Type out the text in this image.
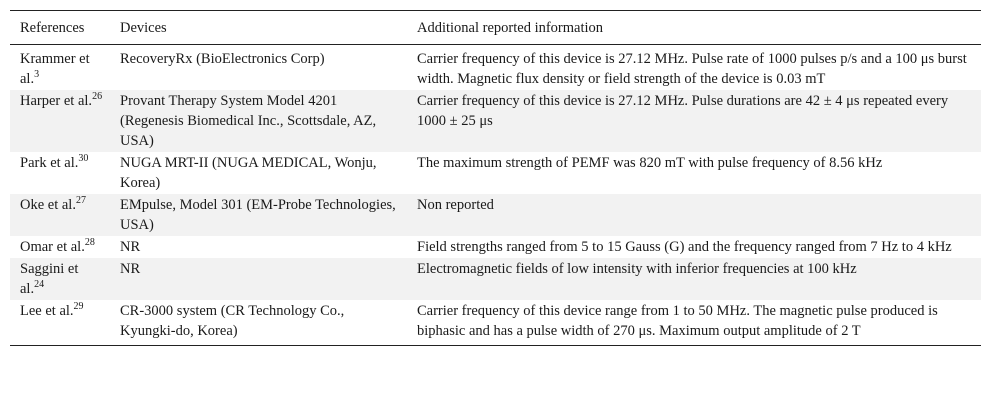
References	Devices	Additional reported information
Krammer et al.$^3$	RecoveryRx (BioElectronics Corp)	Carrier frequency of this device is 27.12 MHz. Pulse rate of 1000 pulses p/s and a 100 μs burst width. Magnetic flux density or field strength of the device is 0.03 mT
Harper et al.$^{26}$	Provant Therapy System Model 4201 (Regenesis Biomedical Inc., Scottsdale, AZ, USA)	Carrier frequency of this device is 27.12 MHz. Pulse durations are 42 ± 4 μs repeated every 1000 ± 25 μs
Park et al.$^{30}$	NUGA MRT-II (NUGA MEDICAL, Wonju, Korea)	The maximum strength of PEMF was 820 mT with pulse frequency of 8.56 kHz
Oke et al.$^{27}$	EMpulse, Model 301 (EM-Probe Technologies, USA)	Non reported
Omar et al.$^{28}$	NR	Field strengths ranged from 5 to 15 Gauss (G) and the frequency ranged from 7 Hz to 4 kHz
Saggini et al.$^{24}$	NR	Electromagnetic fields of low intensity with inferior frequencies at 100 kHz
Lee et al.$^{29}$	CR-3000 system (CR Technology Co., Kyungki-do, Korea)	Carrier frequency of this device range from 1 to 50 MHz. The magnetic pulse produced is biphasic and has a pulse width of 270 μs. Maximum output amplitude of 2 T
